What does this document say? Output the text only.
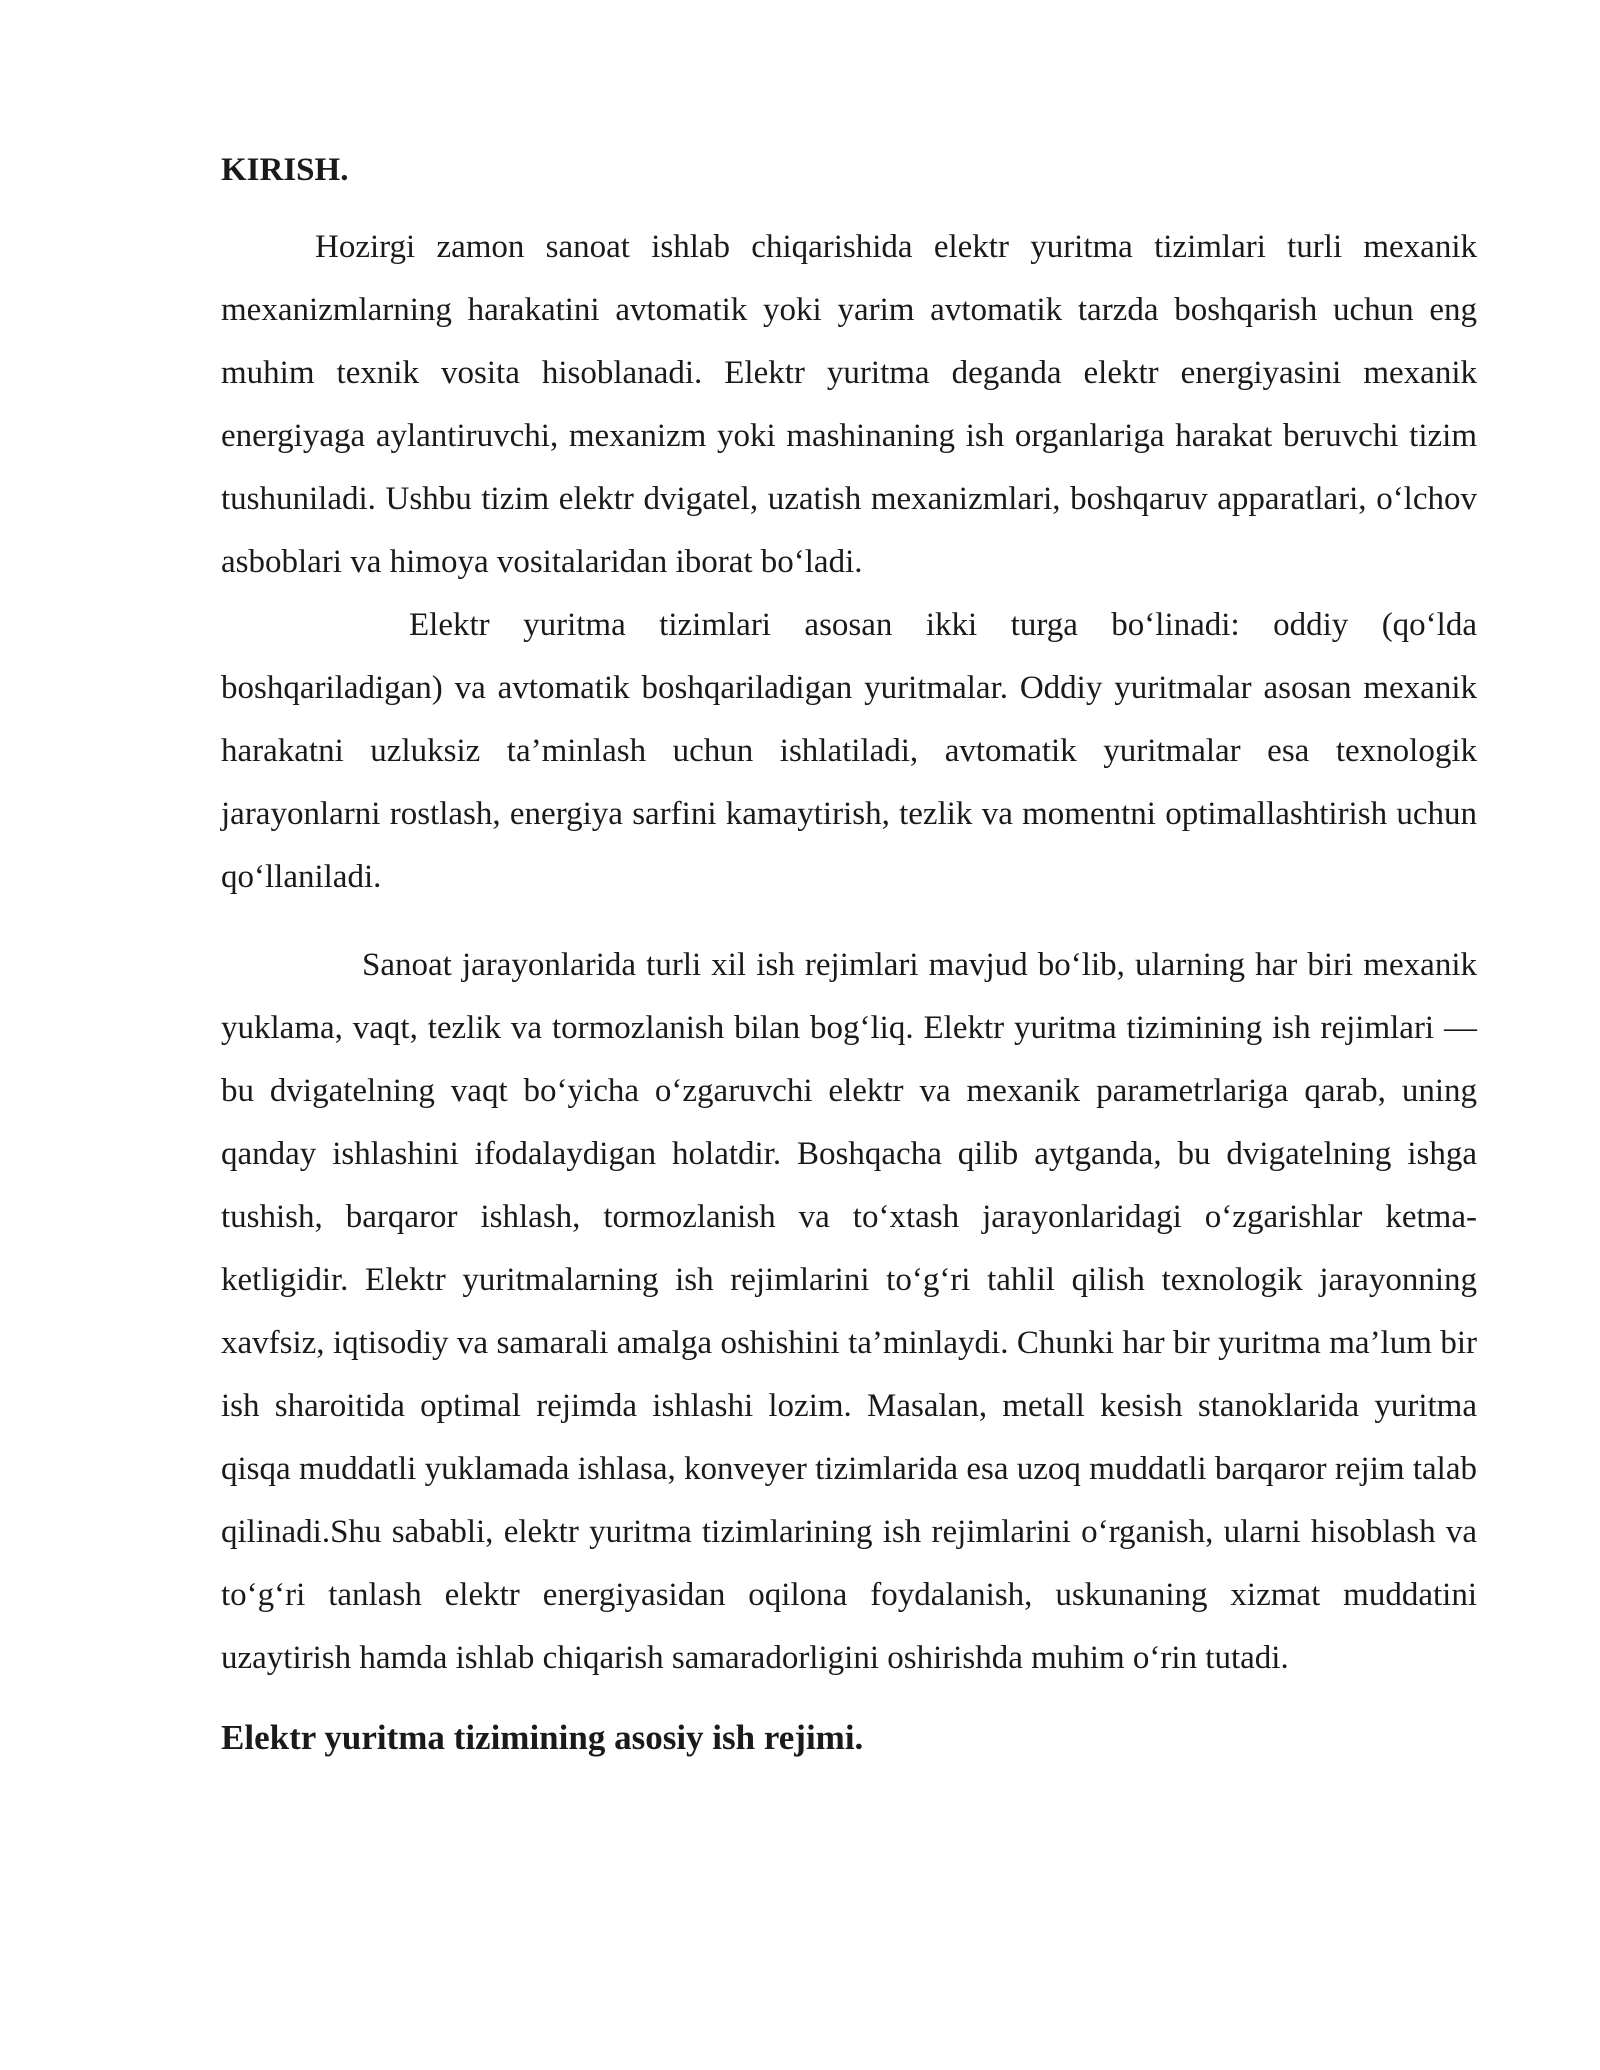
KIRISH.

Hozirgi zamon sanoat ishlab chiqarishida elektr yuritma tizimlari turli mexanik mexanizmlarning harakatini avtomatik yoki yarim avtomatik tarzda boshqarish uchun eng muhim texnik vosita hisoblanadi. Elektr yuritma deganda elektr energiyasini mexanik energiyaga aylantiruvchi, mexanizm yoki mashinaning ish organlariga harakat beruvchi tizim tushuniladi. Ushbu tizim elektr dvigatel, uzatish mexanizmlari, boshqaruv apparatlari, o‘lchov asboblari va himoya vositalaridan iborat bo‘ladi.

Elektr yuritma tizimlari asosan ikki turga bo‘linadi: oddiy (qo‘lda boshqariladigan) va avtomatik boshqariladigan yuritmalar. Oddiy yuritmalar asosan mexanik harakatni uzluksiz ta’minlash uchun ishlatiladi, avtomatik yuritmalar esa texnologik jarayonlarni rostlash, energiya sarfini kamaytirish, tezlik va momentni optimallashtirish uchun qo‘llaniladi.

Sanoat jarayonlarida turli xil ish rejimlari mavjud bo‘lib, ularning har biri mexanik yuklama, vaqt, tezlik va tormozlanish bilan bog‘liq. Elektr yuritma tizimining ish rejimlari — bu dvigatelning vaqt bo‘yicha o‘zgaruvchi elektr va mexanik parametrlariga qarab, uning qanday ishlashini ifodalaydigan holatdir. Boshqacha qilib aytganda, bu dvigatelning ishga tushish, barqaror ishlash, tormozlanish va to‘xtash jarayonlaridagi o‘zgarishlar ketma-ketligidir. Elektr yuritmalarning ish rejimlarini to‘g‘ri tahlil qilish texnologik jarayonning xavfsiz, iqtisodiy va samarali amalga oshishini ta’minlaydi. Chunki har bir yuritma ma’lum bir ish sharoitida optimal rejimda ishlashi lozim. Masalan, metall kesish stanoklarida yuritma qisqa muddatli yuklamada ishlasa, konveyer tizimlarida esa uzoq muddatli barqaror rejim talab qilinadi.Shu sababli, elektr yuritma tizimlarining ish rejimlarini o‘rganish, ularni hisoblash va to‘g‘ri tanlash elektr energiyasidan oqilona foydalanish, uskunaning xizmat muddatini uzaytirish hamda ishlab chiqarish samaradorligini oshirishda muhim o‘rin tutadi.

Elektr yuritma tizimining asosiy ish rejimi.
